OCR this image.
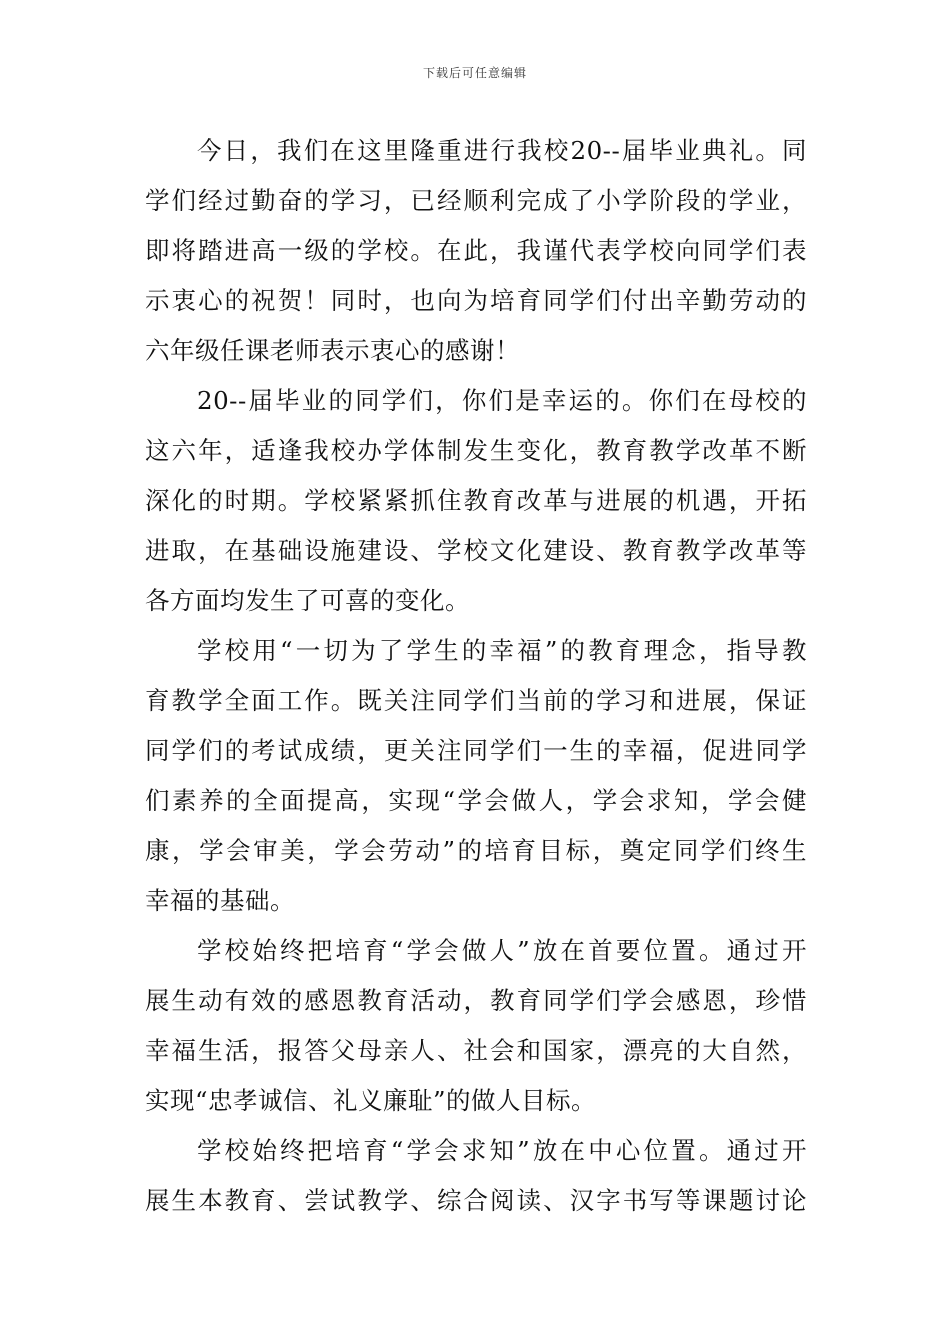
下载后可任意编辑
今日，我们在这里隆重进行我校20--届毕业典礼。同
学们经过勤奋的学习，已经顺利完成了小学阶段的学业，
即将踏进高一级的学校。在此，我谨代表学校向同学们表
示衷心的祝贺！同时，也向为培育同学们付出辛勤劳动的
六年级任课老师表示衷心的感谢！
20--届毕业的同学们，你们是幸运的。你们在母校的
这六年，适逢我校办学体制发生变化，教育教学改革不断
深化的时期。学校紧紧抓住教育改革与进展的机遇，开拓
进取，在基础设施建设、学校文化建设、教育教学改革等
各方面均发生了可喜的变化。
学校用“一切为了学生的幸福”的教育理念，指导教
育教学全面工作。既关注同学们当前的学习和进展，保证
同学们的考试成绩，更关注同学们一生的幸福，促进同学
们素养的全面提高，实现“学会做人，学会求知，学会健
康，学会审美，学会劳动”的培育目标，奠定同学们终生
幸福的基础。
学校始终把培育“学会做人”放在首要位置。通过开
展生动有效的感恩教育活动，教育同学们学会感恩，珍惜
幸福生活，报答父母亲人、社会和国家，漂亮的大自然，
实现“忠孝诚信、礼义廉耻”的做人目标。
学校始终把培育“学会求知”放在中心位置。通过开
展生本教育、尝试教学、综合阅读、汉字书写等课题讨论
